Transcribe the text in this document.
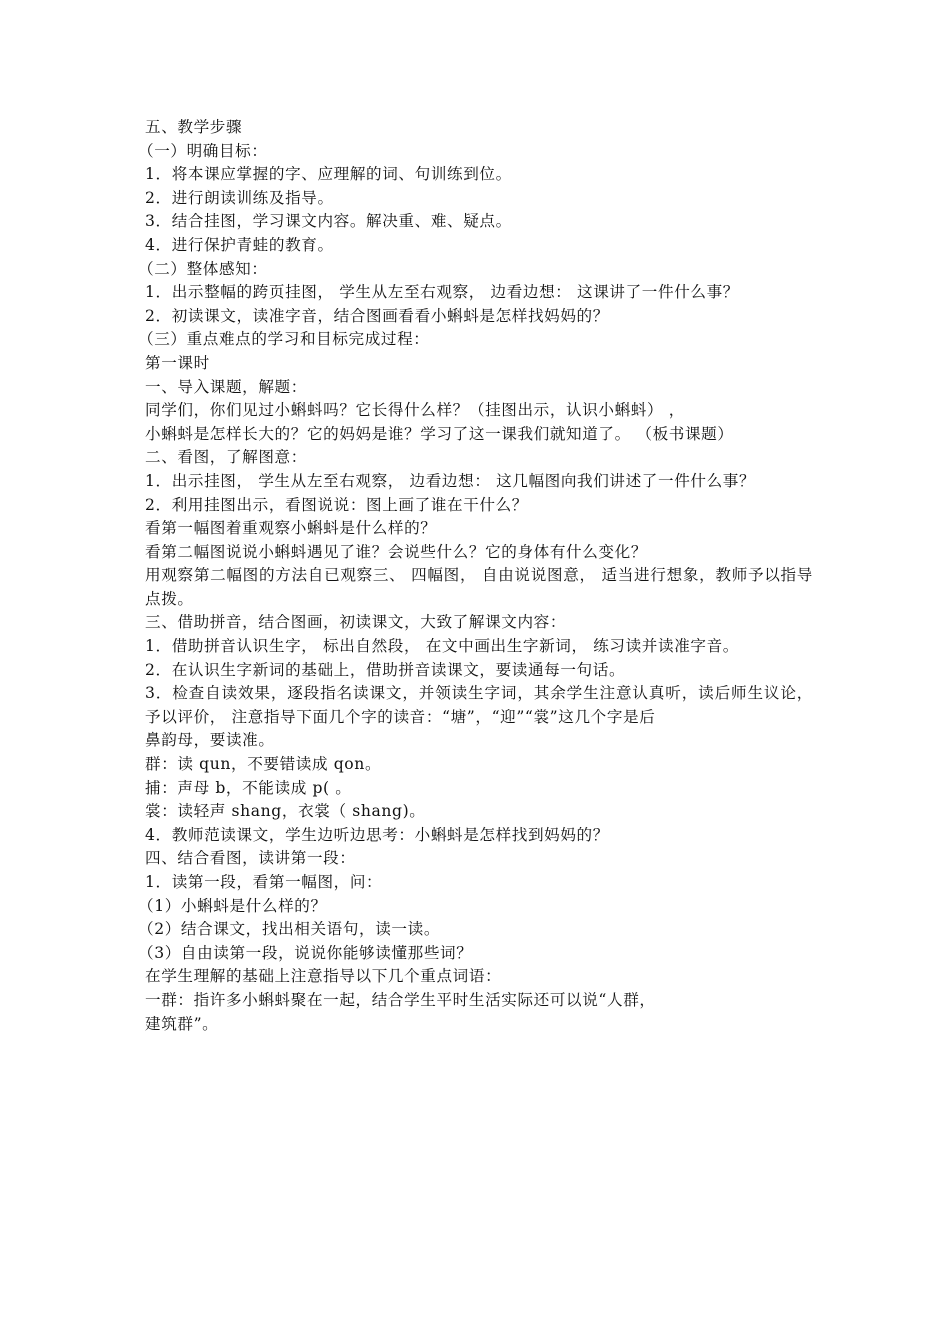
五、教学步骤

（一）明确目标：

1．将本课应掌握的字、应理解的词、句训练到位。

2．进行朗读训练及指导。

3．结合挂图，学习课文内容。解决重、难、疑点。

4．进行保护青蛙的教育。

（二）整体感知：

1．出示整幅的跨页挂图， 学生从左至右观察， 边看边想： 这课讲了一件什么事？

2．初读课文，读准字音，结合图画看看小蝌蚪是怎样找妈妈的？

（三）重点难点的学习和目标完成过程：

第一课时

一、导入课题，解题：

同学们，你们见过小蝌蚪吗？它长得什么样？（挂图出示，认识小蝌蚪） ，

小蝌蚪是怎样长大的？它的妈妈是谁？学习了这一课我们就知道了。 （板书课题）

二、看图，了解图意：

1．出示挂图， 学生从左至右观察， 边看边想： 这几幅图向我们讲述了一件什么事？

2．利用挂图出示，看图说说：图上画了谁在干什么？

看第一幅图着重观察小蝌蚪是什么样的？

看第二幅图说说小蝌蚪遇见了谁？会说些什么？它的身体有什么变化？

用观察第二幅图的方法自已观察三、 四幅图， 自由说说图意， 适当进行想象，教师予以指导点拨。

三、借助拼音，结合图画，初读课文，大致了解课文内容：

1．借助拼音认识生字， 标出自然段， 在文中画出生字新词， 练习读并读准字音。

2．在认识生字新词的基础上，借助拼音读课文，要读通每一句话。

3．检查自读效果，逐段指名读课文，并领读生字词，其余学生注意认真听，读后师生议论，予以评价， 注意指导下面几个字的读音：“塘”，“迎”“裳”这几个字是后

鼻韵母，要读准。

群：读 qun，不要错读成 qon。

捕：声母 b，不能读成 p( 。

裳：读轻声 shang，衣裳（ shang)。

4．教师范读课文，学生边听边思考：小蝌蚪是怎样找到妈妈的？

四、结合看图，读讲第一段：

1．读第一段，看第一幅图，问：

（1）小蝌蚪是什么样的？

（2）结合课文，找出相关语句，读一读。

（3）自由读第一段，说说你能够读懂那些词？

在学生理解的基础上注意指导以下几个重点词语：

一群：指许多小蝌蚪聚在一起，结合学生平时生活实际还可以说“人群，

建筑群”。
